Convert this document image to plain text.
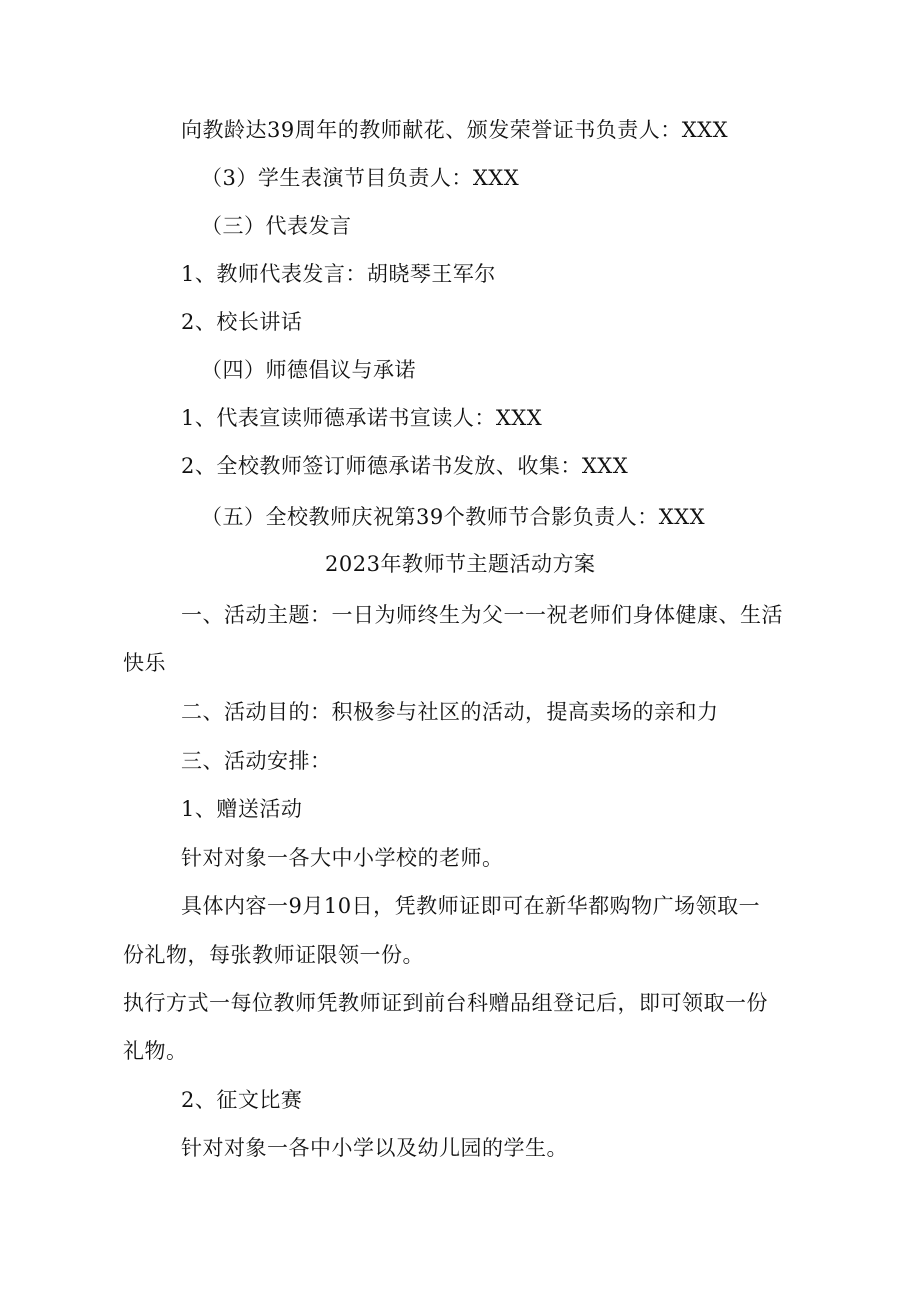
向教龄达39周年的教师献花、颁发荣誉证书负责人：XXX
（3）学生表演节目负责人：XXX
（三）代表发言
1、教师代表发言：胡晓琴王军尔
2、校长讲话
（四）师德倡议与承诺
1、代表宣读师德承诺书宣读人：XXX
2、全校教师签订师德承诺书发放、收集：XXX
（五）全校教师庆祝第39个教师节合影负责人：XXX
2023年教师节主题活动方案
一、活动主题：一日为师终生为父一一祝老师们身体健康、生活
快乐
二、活动目的：积极参与社区的活动，提高卖场的亲和力
三、活动安排：
1、赠送活动
针对对象一各大中小学校的老师。
具体内容一9月10日，凭教师证即可在新华都购物广场领取一
份礼物，每张教师证限领一份。
执行方式一每位教师凭教师证到前台科赠品组登记后，即可领取一份
礼物。
2、征文比赛
针对对象一各中小学以及幼儿园的学生。
